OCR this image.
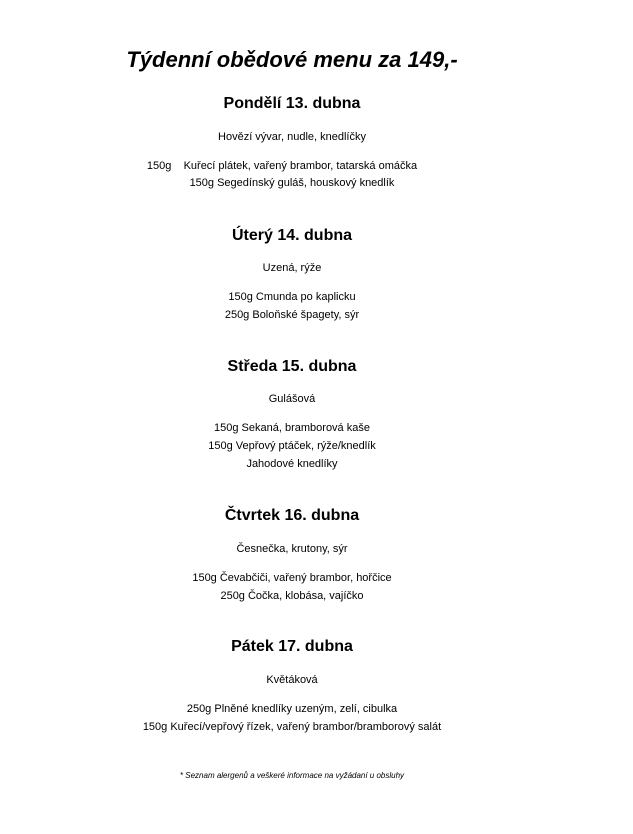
Týdenní obědové menu za 149,-
Pondělí 13. dubna
Hovězí vývar, nudle, knedlíčky
150g    Kuřecí plátek, vařený brambor, tatarská omáčka
150g Segedínský guláš, houskový knedlík
Úterý 14. dubna
Uzená, rýže
150g Cmunda po kaplicku
250g Boloňské špagety, sýr
Středa 15. dubna
Gulášová
150g Sekaná, bramborová kaše
150g Vepřový ptáček, rýže/knedlík
Jahodové knedlíky
Čtvrtek 16. dubna
Česnečka, krutony, sýr
150g Čevabčiči, vařený brambor, hořčice
250g Čočka, klobása, vajíčko
Pátek 17. dubna
Květáková
250g Plněné knedlíky uzeným, zelí, cibulka
150g Kuřecí/vepřový řízek, vařený brambor/bramborový salát
* Seznam alergenů a veškeré informace na vyžádaní u obsluhy
